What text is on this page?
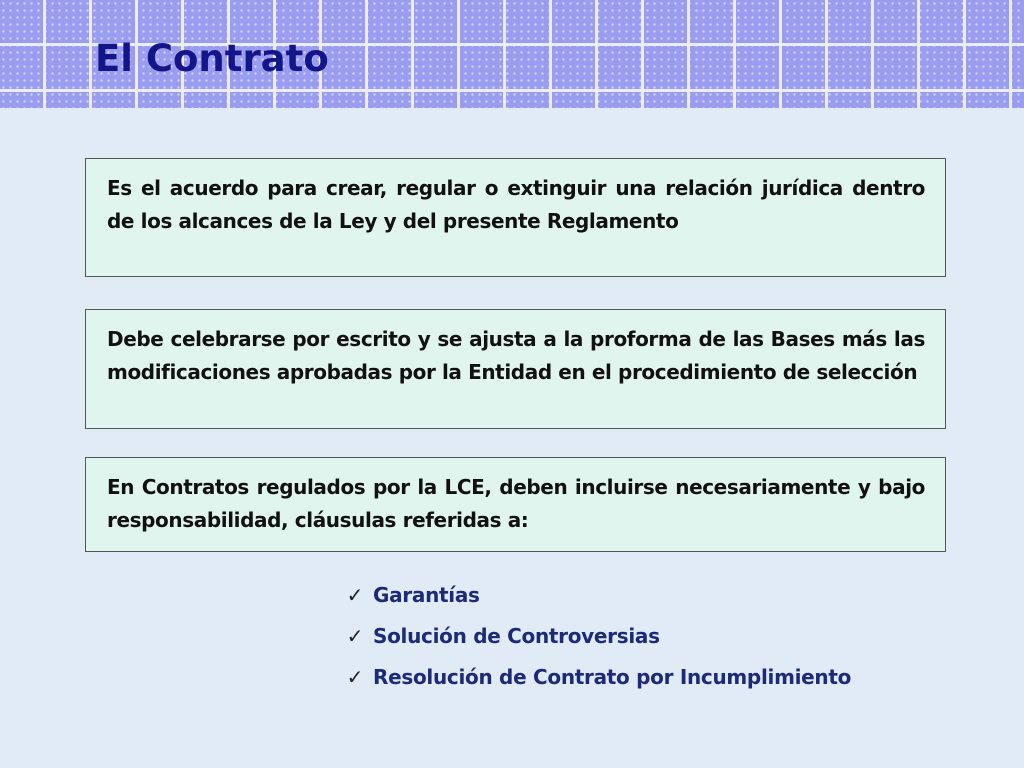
El Contrato

Es el acuerdo para crear, regular o extinguir una relación jurídica dentro de los alcances de la Ley y del presente Reglamento

Debe celebrarse por escrito y se ajusta a la proforma de las Bases más las modificaciones aprobadas por la Entidad en el procedimiento de selección

En Contratos regulados por la LCE, deben incluirse necesariamente y bajo responsabilidad, cláusulas referidas a:

✓ Garantías
✓ Solución de Controversias
✓ Resolución de Contrato por Incumplimiento
